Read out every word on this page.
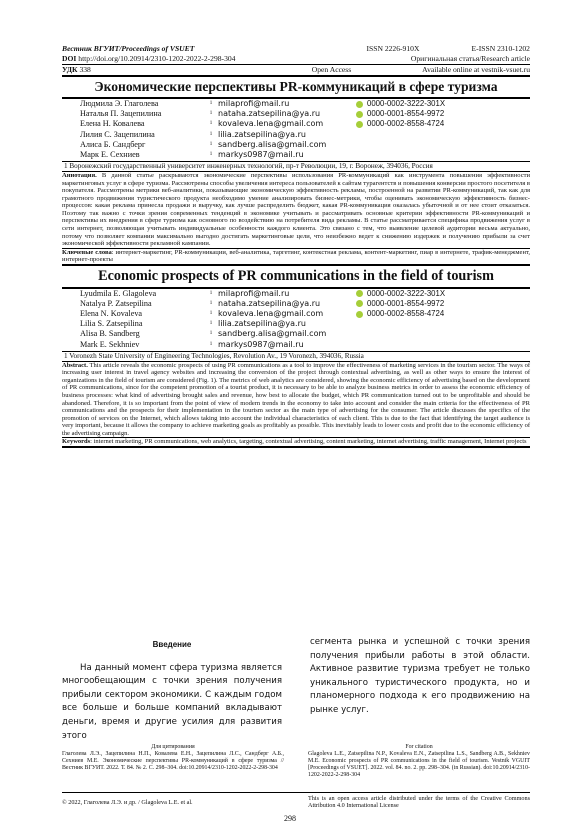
Вестник ВГУИТ/Proceedings of VSUET	ISSN 2226-910X	E-ISSN 2310-1202
DOI http://doi.org/10.20914/2310-1202-2022-2-298-304	Оригинальная статья/Research article
УДК 338	Open Access	Available online at vestnik-vsuet.ru
Экономические перспективы PR-коммуникаций в сфере туризма
Людмила Э. Глаголева	1 milaprofi@mail.ru	0000-0002-3222-301X
Наталья П. Зацепилина	1 nataha.zatsepilina@ya.ru	0000-0001-8554-9972
Елена Н. Ковалева	1 kovaleva.lena@gmail.com	0000-0002-8558-4724
Лилия С. Зацепилина	1 lilia.zatsepilina@ya.ru
Алиса Б. Сандберг	1 sandberg.alisa@gmail.com
Марк Е. Сехниев	1 markys0987@mail.ru
1 Воронежский государственный университет инженерных технологий, пр-т Революции, 19, г. Воронеж, 394036, Россия
Аннотация. В данной статье раскрываются экономические перспективы использования PR-коммуникаций как инструмента повышения эффективности маркетинговых услуг в сфере туризма. Рассмотрены способы увеличения интереса пользователей к сайтам турагентств и повышения конверсии простого посетителя в покупателя. Рассмотрены метрики веб-аналитики, показывающие экономическую эффективность рекламы, построенной на развитии PR-коммуникаций, так как для грамотного продвижения туристического продукта необходимо умение анализировать бизнес-метрики, чтобы оценивать экономическую эффективность бизнес-процессов: какая реклама принесла продажи и выручку, как лучше распределить бюджет, какая PR-коммуникация оказалась убыточной и от нее стоит отказаться. Поэтому так важно с точки зрения современных тенденций в экономике учитывать и рассматривать основные критерии эффективности PR-коммуникаций и перспективы их внедрения в сфере туризма как основного по воздействию на потребителя вида рекламы. В статье рассматривается специфика продвижения услуг в сети интернет, позволяющая учитывать индивидуальные особенности каждого клиента. Это связано с тем, что выявление целевой аудитории весьма актуально, потому что позволяет компании максимально выгодно достигать маркетинговые цели, что неизбежно ведет к снижению издержек и получению прибыли за счет экономической эффективности рекламной кампании.
Ключевые слова: интернет-маркетинг, PR-коммуникации, веб-аналитика, таргетинг, контекстная реклама, контент-маркетинг, пиар в интернете, трафик-менеджмент, интернет-проекты
Economic prospects of PR communications in the field of tourism
Lyudmila E. Glagoleva	1 milaprofi@mail.ru	0000-0002-3222-301X
Natalya P. Zatsepilina	1 nataha.zatsepilina@ya.ru	0000-0001-8554-9972
Elena N. Kovaleva	1 kovaleva.lena@gmail.com	0000-0002-8558-4724
Lilia S. Zatsepilina	1 lilia.zatsepilina@ya.ru
Alisa B. Sandberg	1 sandberg.alisa@gmail.com
Mark E. Sekhniev	1 markys0987@mail.ru
1 Voronezh State University of Engineering Technologies, Revolution Av., 19 Voronezh, 394036, Russia
Abstract. This article reveals the economic prospects of using PR communications as a tool to improve the effectiveness of marketing services in the tourism sector. The ways of increasing user interest in travel agency websites and increasing the conversion of the project through contextual advertising, as well as other ways to ensure the interest of organizations in the field of tourism are considered (Fig. 1). The metrics of web analytics are considered, showing the economic efficiency of advertising based on the development of PR communications, since for the competent promotion of a tourist product, it is necessary to be able to analyze business metrics in order to assess the economic efficiency of business processes: what kind of advertising brought sales and revenue, how best to allocate the budget, which PR communication turned out to be unprofitable and should be abandoned. Therefore, it is so important from the point of view of modern trends in the economy to take into account and consider the main criteria for the effectiveness of PR communications and the prospects for their implementation in the tourism sector as the main type of advertising for the consumer. The article discusses the specifics of the promotion of services on the Internet, which allows taking into account the individual characteristics of each client. This is due to the fact that identifying the target audience is very important, because it allows the company to achieve marketing goals as profitably as possible. This inevitably leads to lower costs and profit due to the economic efficiency of the advertising campaign.
Keywords: internet marketing, PR communications, web analytics, targeting, contextual advertising, content marketing, internet advertising, traffic management, Internet projects
Введение
На данный момент сфера туризма является многообещающим с точки зрения получения прибыли сектором экономики. С каждым годом все больше и больше компаний вкладывают деньги, время и другие усилия для развития этого
сегмента рынка и успешной с точки зрения получения прибыли работы в этой области. Активное развитие туризма требует не только уникального туристического продукта, но и планомерного подхода к его продвижению на рынке услуг.
Для цитирования
Глаголева Л.Э., Зацепилина Н.П., Ковалева Е.Н., Зацепилина Л.С., Сандберг А.Б., Сехниев М.Е. Экономические перспективы PR-коммуникаций в сфере туризма // Вестник ВГУИТ. 2022. Т. 84. № 2. С. 298–304. doi:10.20914/2310-1202-2022-2-298-304
For citation
Glagoleva L.E., Zatsepilina N.P., Kovaleva E.N., Zatsepilina L.S., Sandberg A.B., Sekhniev M.E. Economic prospects of PR communications in the field of tourism. Vestnik VGUIT [Proceedings of VSUET]. 2022. vol. 84. no. 2. pp. 298–304. (in Russian). doi:10.20914/2310-1202-2022-2-298-304
© 2022, Глаголева Л.Э. и др. / Glagoleva L.E. et al.	This is an open access article distributed under the terms of the Creative Commons Attribution 4.0 International License
298
